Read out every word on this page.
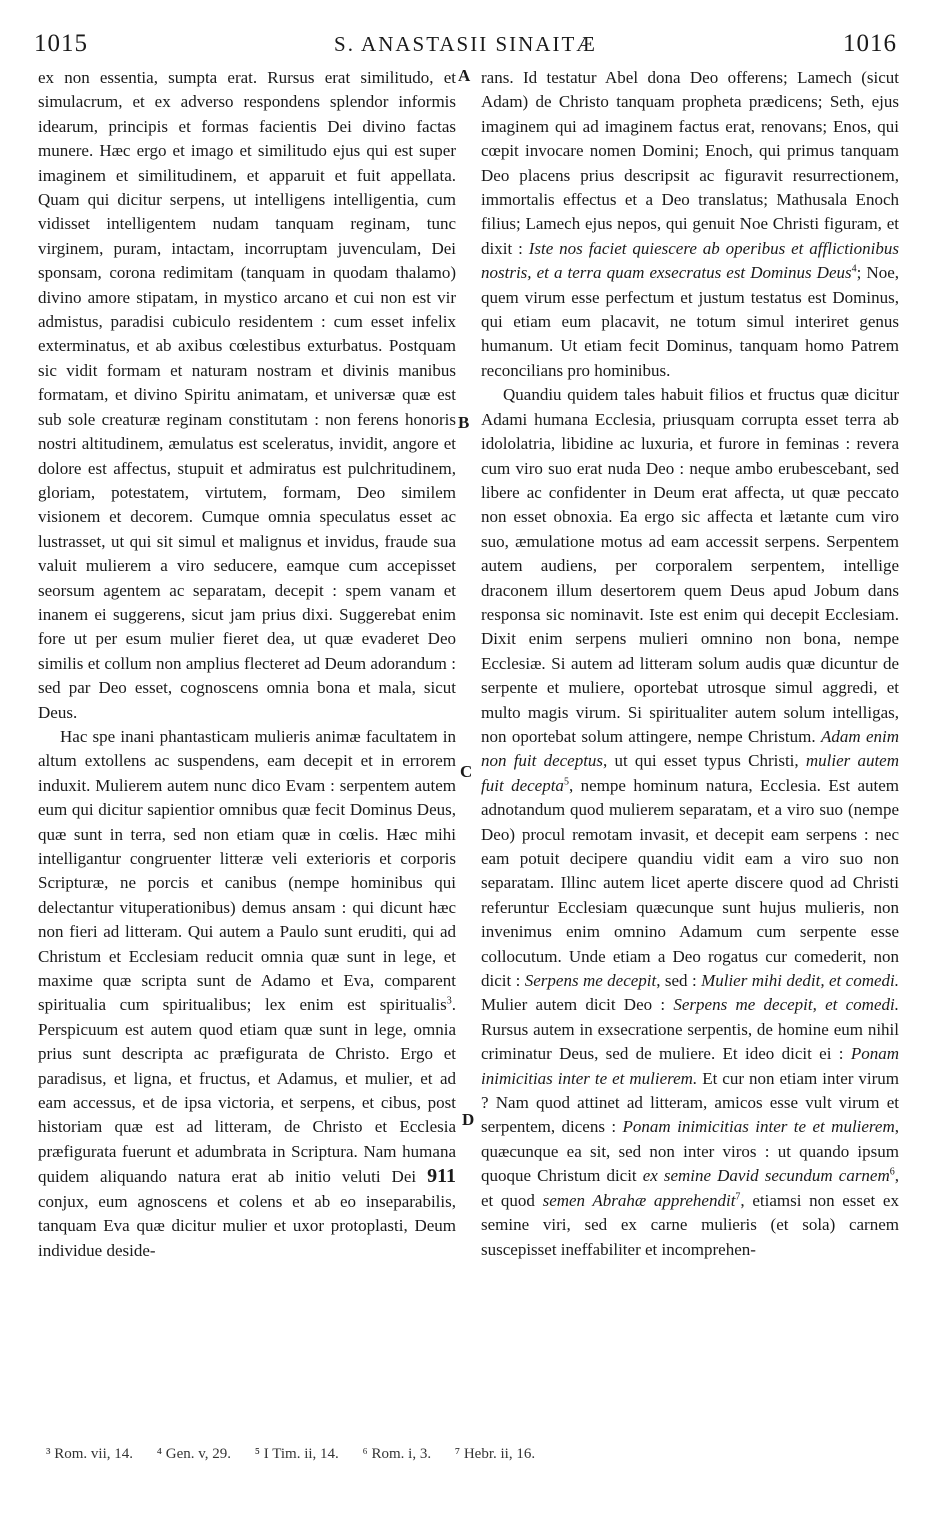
1015	S. ANASTASII SINAITÆ	1016
A
B
C
D

ex non essentia, sumpta erat. Rursus erat similitudo, et simulacrum, et ex adverso respondens splendor informis idearum, principis et formas facientis Dei divino factas munere. Hæc ergo et imago et similitudo ejus qui est super imaginem et similitudinem, et apparuit et fuit appellata. Quam qui dicitur serpens, ut intelligens intelligentia, cum vidisset intelligentem nudam tanquam reginam, tunc virginem, puram, intactam, incorruptam juvenculam, Dei sponsam, corona redimitam (tanquam in quodam thalamo) divino amore stipatam, in mystico arcano et cui non est vir admistus, paradisi cubiculo residentem : cum esset infelix exterminatus, et ab axibus cœlestibus exturbatus. Postquam sic vidit formam et naturam nostram et divinis manibus formatam, et divino Spiritu animatam, et universæ quæ est sub sole creaturæ reginam constitutam : non ferens honoris nostri altitudinem, æmulatus est sceleratus, invidit, angore et dolore est affectus, stupuit et admiratus est pulchritudinem, gloriam, potestatem, virtutem, formam, Deo similem visionem et decorem. Cumque omnia speculatus esset ac lustrasset, ut qui sit simul et malignus et invidus, fraude sua valuit mulierem a viro seducere, eamque cum accepisset seorsum agentem ac separatam, decepit : spem vanam et inanem ei suggerens, sicut jam prius dixi. Suggerebat enim fore ut per esum mulier fieret dea, ut quæ evaderet Deo similis et collum non amplius flecteret ad Deum adorandum : sed par Deo esset, cognoscens omnia bona et mala, sicut Deus.

Hac spe inani phantasticam mulieris animæ facultatem in altum extollens ac suspendens, eam decepit et in errorem induxit. Mulierem autem nunc dico Evam : serpentem autem eum qui dicitur sapientior omnibus quæ fecit Dominus Deus, quæ sunt in terra, sed non etiam quæ in cœlis. Hæc mihi intelligantur congruenter litteræ veli exterioris et corporis Scripturæ, ne porcis et canibus (nempe hominibus qui delectantur vituperationibus) demus ansam : qui dicunt hæc non fieri ad litteram. Qui autem a Paulo sunt eruditi, qui ad Christum et Ecclesiam reducit omnia quæ sunt in lege, et maxime quæ scripta sunt de Adamo et Eva, comparent spiritualia cum spiritualibus; lex enim est spiritualis$^3$. Perspicuum est autem quod etiam quæ sunt in lege, omnia prius sunt descripta ac præfigurata de Christo. Ergo et paradisus, et ligna, et fructus, et Adamus, et mulier, et ad eam accessus, et de ipsa victoria, et serpens, et cibus, post historiam quæ est ad litteram, de Christo et Ecclesia præfigurata fuerunt et adumbrata in Scriptura. Nam humana quidem aliquando natura erat ab initio veluti Dei 911 conjux, eum agnoscens et colens et ab eo inseparabilis, tanquam Eva quæ dicitur mulier et uxor protoplasti, Deum individue deside-

rans. Id testatur Abel dona Deo offerens; Lamech (sicut Adam) de Christo tanquam propheta prædicens; Seth, ejus imaginem qui ad imaginem factus erat, renovans; Enos, qui cœpit invocare nomen Domini; Enoch, qui primus tanquam Deo placens prius descripsit ac figuravit resurrectionem, immortalis effectus et a Deo translatus; Mathusala Enoch filius; Lamech ejus nepos, qui genuit Noe Christi figuram, et dixit : Iste nos faciet quiescere ab operibus et afflictionibus nostris, et a terra quam exsecratus est Dominus Deus$^4$; Noe, quem virum esse perfectum et justum testatus est Dominus, qui etiam eum placavit, ne totum simul interiret genus humanum. Ut etiam fecit Dominus, tanquam homo Patrem reconcilians pro hominibus.

Quandiu quidem tales habuit filios et fructus quæ dicitur Adami humana Ecclesia, priusquam corrupta esset terra ab idololatria, libidine ac luxuria, et furore in feminas : revera cum viro suo erat nuda Deo : neque ambo erubescebant, sed libere ac confidenter in Deum erat affecta, ut quæ peccato non esset obnoxia. Ea ergo sic affecta et lætante cum viro suo, æmulatione motus ad eam accessit serpens. Serpentem autem audiens, per corporalem serpentem, intellige draconem illum desertorem quem Deus apud Jobum dans responsa sic nominavit. Iste est enim qui decepit Ecclesiam. Dixit enim serpens mulieri omnino non bona, nempe Ecclesiæ. Si autem ad litteram solum audis quæ dicuntur de serpente et muliere, oportebat utrosque simul aggredi, et multo magis virum. Si spiritualiter autem solum intelligas, non oportebat solum attingere, nempe Christum. Adam enim non fuit deceptus, ut qui esset typus Christi, mulier autem fuit decepta$^5$, nempe hominum natura, Ecclesia. Est autem adnotandum quod mulierem separatam, et a viro suo (nempe Deo) procul remotam invasit, et decepit eam serpens : nec eam potuit decipere quandiu vidit eam a viro suo non separatam. Illinc autem licet aperte discere quod ad Christi referuntur Ecclesiam quæcunque sunt hujus mulieris, non invenimus enim omnino Adamum cum serpente esse collocutum. Unde etiam a Deo rogatus cur comederit, non dicit : Serpens me decepit, sed : Mulier mihi dedit, et comedi. Mulier autem dicit Deo : Serpens me decepit, et comedi. Rursus autem in exsecratione serpentis, de homine eum nihil criminatur Deus, sed de muliere. Et ideo dicit ei : Ponam inimicitias inter te et mulierem. Et cur non etiam inter virum ? Nam quod attinet ad litteram, amicos esse vult virum et serpentem, dicens : Ponam inimicitias inter te et mulierem, quæcunque ea sit, sed non inter viros : ut quando ipsum quoque Christum dicit ex semine David secundum carnem$^6$, et quod semen Abrahæ apprehendit$^7$, etiamsi non esset ex semine viri, sed ex carne mulieris (et sola) carnem suscepisset ineffabiliter et incomprehen-

³ Rom. vii, 14. ⁴ Gen. v, 29. ⁵ I Tim. ii, 14. ⁶ Rom. i, 3. ⁷ Hebr. ii, 16.
